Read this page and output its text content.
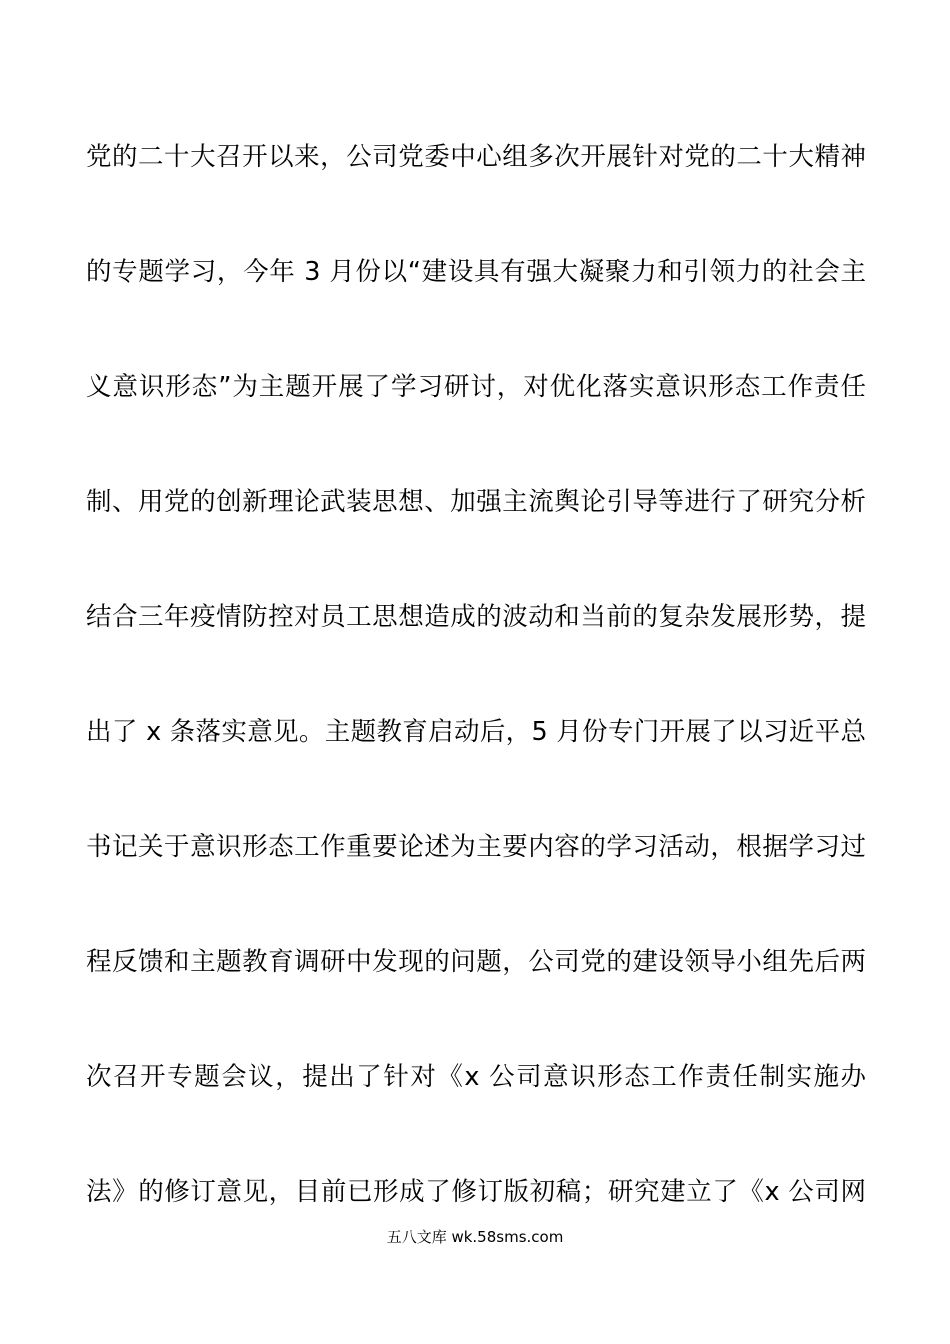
党的二十大召开以来，公司党委中心组多次开展针对党的二十大精神
的专题学习，今年 3 月份以“建设具有强大凝聚力和引领力的社会主
义意识形态”为主题开展了学习研讨，对优化落实意识形态工作责任
制、用党的创新理论武装思想、加强主流舆论引导等进行了研究分析
结合三年疫情防控对员工思想造成的波动和当前的复杂发展形势，提
出了 x 条落实意见。主题教育启动后，5 月份专门开展了以习近平总
书记关于意识形态工作重要论述为主要内容的学习活动，根据学习过
程反馈和主题教育调研中发现的问题，公司党的建设领导小组先后两
次召开专题会议，提出了针对《x 公司意识形态工作责任制实施办
法》的修订意见，目前已形成了修订版初稿；研究建立了《x 公司网
五八文库 wk.58sms.com
